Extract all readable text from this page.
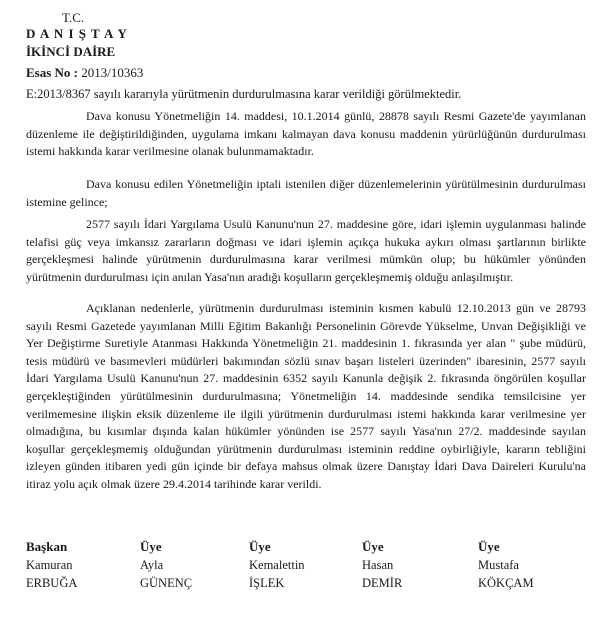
T.C.
D A N I Ş T A Y
İKİNCİ DAİRE
Esas No : 2013/10363
E:2013/8367 sayılı kararıyla yürütmenin durdurulmasına karar verildiği görülmektedir.

Dava konusu Yönetmeliğin 14. maddesi, 10.1.2014 günlü, 28878 sayılı Resmi Gazete'de yayımlanan düzenleme ile değiştirildiğinden, uygulama imkanı kalmayan dava konusu maddenin yürürlüğünün durdurulması istemi hakkında karar verilmesine olanak bulunmamaktadır.

Dava konusu edilen Yönetmeliğin iptali istenilen diğer düzenlemelerinin yürütülmesinin durdurulması istemine gelince;

2577 sayılı İdari Yargılama Usulü Kanunu'nun 27. maddesine göre, idari işlemin uygulanması halinde telafisi güç veya imkansız zararların doğması ve idari işlemin açıkça hukuka aykırı olması şartlarının birlikte gerçekleşmesi halinde yürütmenin durdurulmasına karar verilmesi mümkün olup; bu hükümler yönünden yürütmenin durdurulması için anılan Yasa'nın aradığı koşulların gerçekleşmemiş olduğu anlaşılmıştır.

Açıklanan nedenlerle, yürütmenin durdurulması isteminin kısmen kabulü 12.10.2013 gün ve 28793 sayılı Resmi Gazetede yayımlanan Milli Eğitim Bakanlığı Personelinin Görevde Yükselme, Unvan Değişikliği ve Yer Değiştirme Suretiyle Atanması Hakkında Yönetmeliğin 21. maddesinin 1. fıkrasında yer alan " şube müdürü, tesis müdürü ve basımevleri müdürleri bakımından sözlü sınav başarı listeleri üzerinden" ibaresinin, 2577 sayılı İdari Yargılama Usulü Kanunu'nun 27. maddesinin 6352 sayılı Kanunla değişik 2. fıkrasında öngörülen koşullar gerçekleştiğinden yürütülmesinin durdurulmasına; Yönetmeliğin 14. maddesinde sendika temsilcisine yer verilmemesine ilişkin eksik düzenleme ile ilgili yürütmenin durdurulması istemi hakkında karar verilmesine yer olmadığına, bu kısımlar dışında kalan hükümler yönünden ise 2577 sayılı Yasa'nın 27/2. maddesinde sayılan koşullar gerçekleşmemiş olduğundan yürütmenin durdurulması isteminin reddine oybirliğiyle, kararın tebliğini izleyen günden itibaren yedi gün içinde bir defaya mahsus olmak üzere Danıştay İdari Dava Daireleri Kurulu'na itiraz yolu açık olmak üzere 29.4.2014 tarihinde karar verildi.

Başkan
Kamuran
ERBUĞA
Üye
Ayla
GÜNENÇ
Üye
Kemalettin
İŞLEK
Üye
Hasan
DEMİR
Üye
Mustafa
KÖKÇAM
